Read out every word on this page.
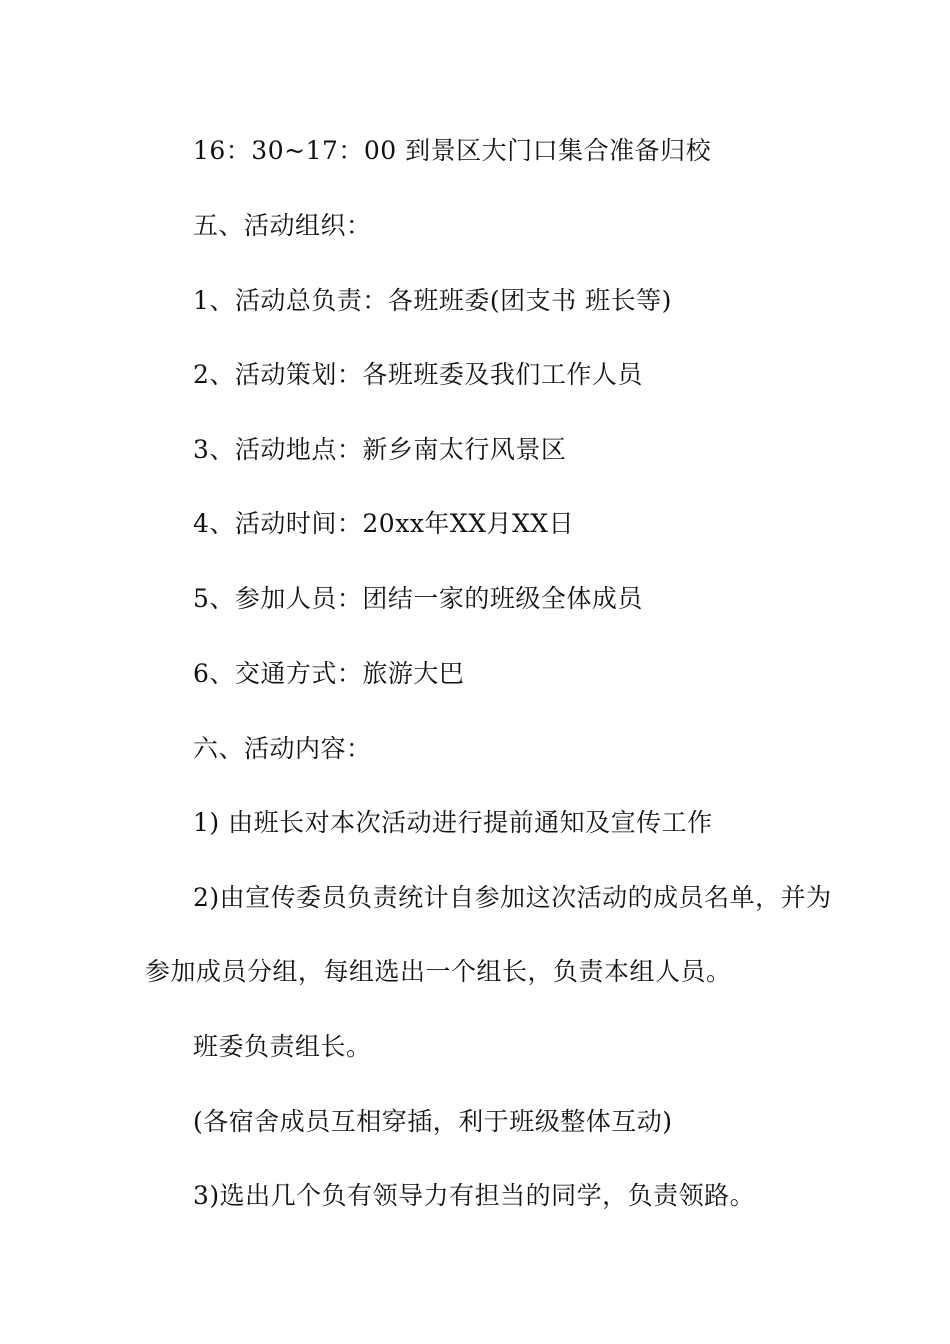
16：30~17：00 到景区大门口集合准备归校
五、活动组织：
1、活动总负责：各班班委(团支书 班长等)
2、活动策划：各班班委及我们工作人员
3、活动地点：新乡南太行风景区
4、活动时间：20xx年XX月XX日
5、参加人员：团结一家的班级全体成员
6、交通方式：旅游大巴
六、活动内容：
1) 由班长对本次活动进行提前通知及宣传工作
2)由宣传委员负责统计自参加这次活动的成员名单，并为
参加成员分组，每组选出一个组长，负责本组人员。
班委负责组长。
(各宿舍成员互相穿插，利于班级整体互动)
3)选出几个负有领导力有担当的同学，负责领路。
